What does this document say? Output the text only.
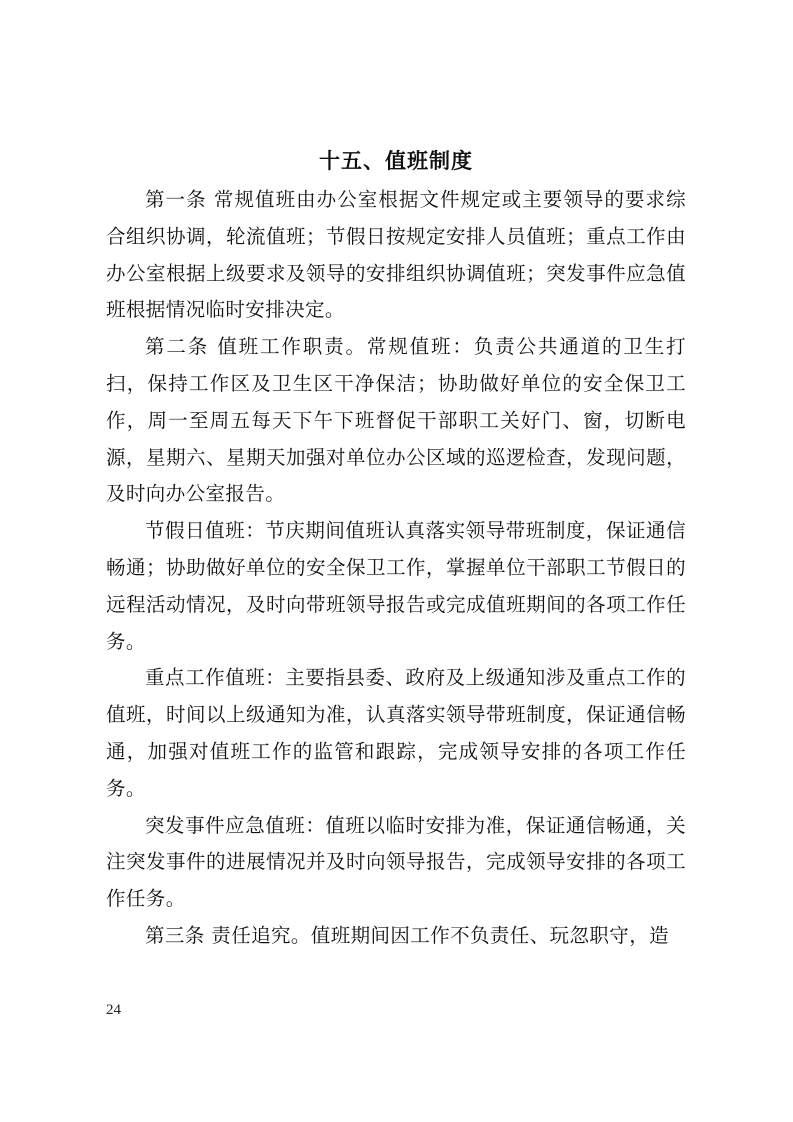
十五、值班制度

第一条 常规值班由办公室根据文件规定或主要领导的要求综合组织协调，轮流值班；节假日按规定安排人员值班；重点工作由办公室根据上级要求及领导的安排组织协调值班；突发事件应急值班根据情况临时安排决定。

第二条 值班工作职责。常规值班：负责公共通道的卫生打扫，保持工作区及卫生区干净保洁；协助做好单位的安全保卫工作，周一至周五每天下午下班督促干部职工关好门、窗，切断电源，星期六、星期天加强对单位办公区域的巡逻检查，发现问题，及时向办公室报告。

节假日值班：节庆期间值班认真落实领导带班制度，保证通信畅通；协助做好单位的安全保卫工作，掌握单位干部职工节假日的远程活动情况，及时向带班领导报告或完成值班期间的各项工作任务。

重点工作值班：主要指县委、政府及上级通知涉及重点工作的值班，时间以上级通知为准，认真落实领导带班制度，保证通信畅通，加强对值班工作的监管和跟踪，完成领导安排的各项工作任务。

突发事件应急值班：值班以临时安排为准，保证通信畅通，关注突发事件的进展情况并及时向领导报告，完成领导安排的各项工作任务。

第三条 责任追究。值班期间因工作不负责任、玩忽职守，造

24
